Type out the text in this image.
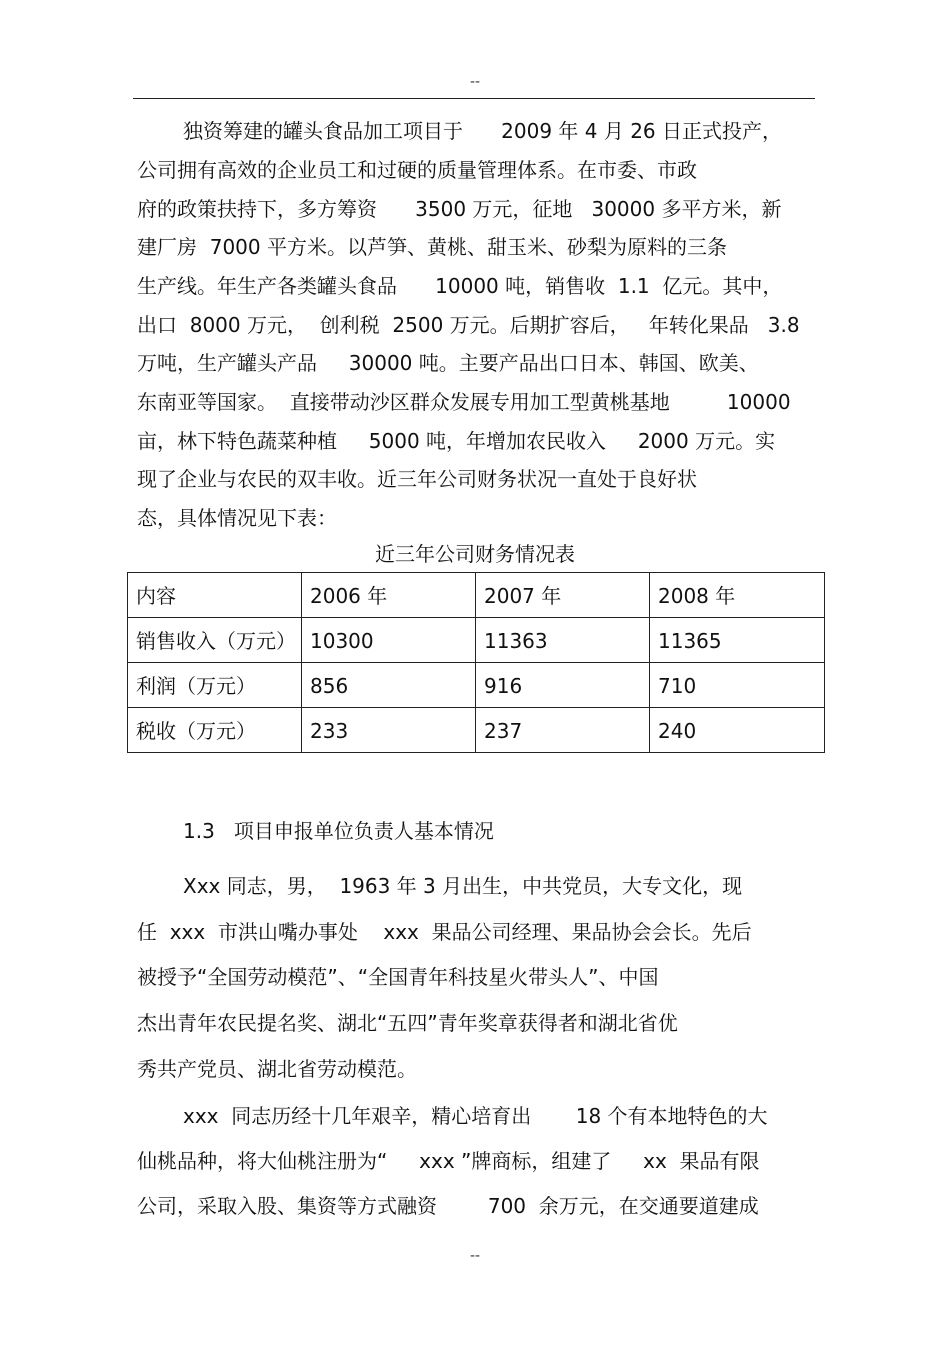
--
独资筹建的罐头食品加工项目于      2009 年 4 月 26 日正式投产，
公司拥有高效的企业员工和过硬的质量管理体系。在市委、市政
府的政策扶持下，多方筹资      3500 万元，征地   30000 多平方米，新
建厂房  7000 平方米。以芦笋、黄桃、甜玉米、砂梨为原料的三条
生产线。年生产各类罐头食品      10000 吨，销售收  1.1  亿元。其中，
出口  8000 万元，  创利税  2500 万元。后期扩容后，   年转化果品   3.8
万吨，生产罐头产品     30000 吨。主要产品出口日本、韩国、欧美、
东南亚等国家。  直接带动沙区群众发展专用加工型黄桃基地         10000
亩，林下特色蔬菜种植     5000 吨，年增加农民收入     2000 万元。实
现了企业与农民的双丰收。近三年公司财务状况一直处于良好状
态，具体情况见下表：
近三年公司财务情况表
内容	2006 年	2007 年	2008 年
销售收入（万元）	10300	11363	11365
利润（万元）	856	916	710
税收（万元）	233	237	240
1.3 项目申报单位负责人基本情况
Xxx 同志，男，  1963 年 3 月出生，中共党员，大专文化，现
任  xxx  市洪山嘴办事处    xxx  果品公司经理、果品协会会长。先后
被授予“全国劳动模范”、“全国青年科技星火带头人”、中国
杰出青年农民提名奖、湖北“五四”青年奖章获得者和湖北省优
秀共产党员、湖北省劳动模范。
xxx  同志历经十几年艰辛，精心培育出       18 个有本地特色的大
仙桃品种，将大仙桃注册为“     xxx ”牌商标，组建了     xx  果品有限
公司，采取入股、集资等方式融资        700  余万元，在交通要道建成
--
